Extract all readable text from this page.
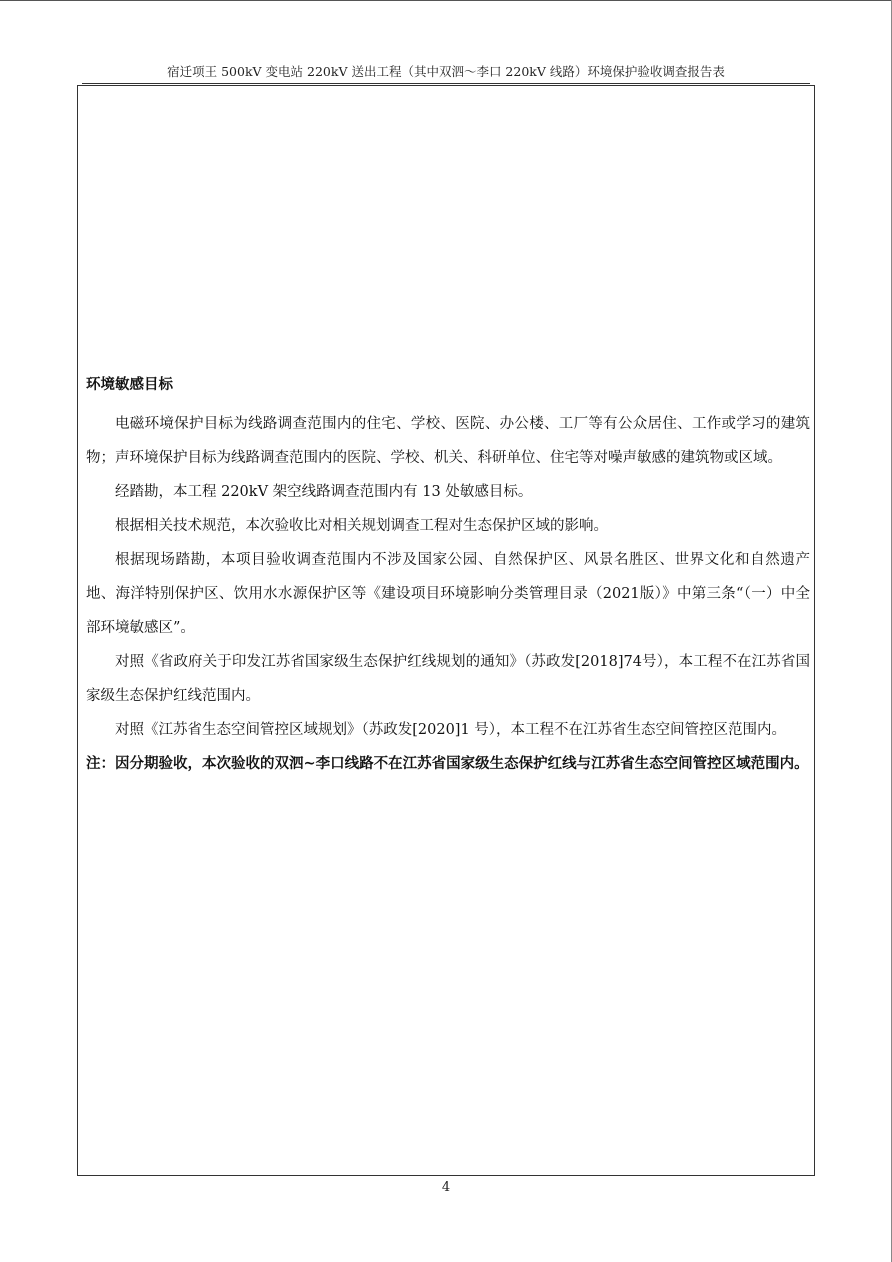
宿迁项王 500kV 变电站 220kV 送出工程（其中双泗～李口 220kV 线路）环境保护验收调查报告表
环境敏感目标

电磁环境保护目标为线路调查范围内的住宅、学校、医院、办公楼、工厂等有公众居住、工作或学习的建筑物；声环境保护目标为线路调查范围内的医院、学校、机关、科研单位、住宅等对噪声敏感的建筑物或区域。

经踏勘，本工程 220kV 架空线路调查范围内有 13 处敏感目标。

根据相关技术规范，本次验收比对相关规划调查工程对生态保护区域的影响。

根据现场踏勘，本项目验收调查范围内不涉及国家公园、自然保护区、风景名胜区、世界文化和自然遗产地、海洋特别保护区、饮用水水源保护区等《建设项目环境影响分类管理目录（2021版）》中第三条“（一）中全部环境敏感区”。

对照《省政府关于印发江苏省国家级生态保护红线规划的通知》（苏政发[2018]74号），本工程不在江苏省国家级生态保护红线范围内。

对照《江苏省生态空间管控区域规划》（苏政发[2020]1 号），本工程不在江苏省生态空间管控区范围内。

注：因分期验收，本次验收的双泗~李口线路不在江苏省国家级生态保护红线与江苏省生态空间管控区域范围内。

4
